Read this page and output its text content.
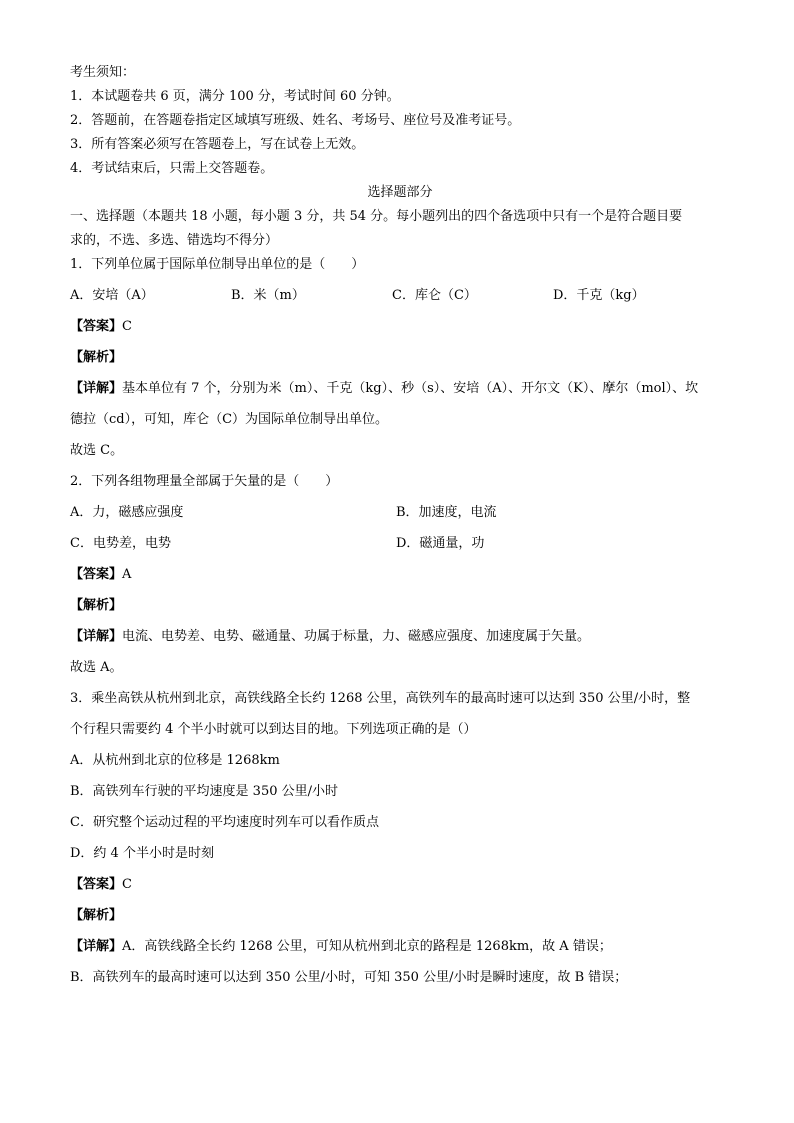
考生须知：
1．本试题卷共 6 页，满分 100 分，考试时间 60 分钟。
2．答题前，在答题卷指定区域填写班级、姓名、考场号、座位号及准考证号。
3．所有答案必须写在答题卷上，写在试卷上无效。
4．考试结束后，只需上交答题卷。
选择题部分
一、选择题（本题共 18 小题，每小题 3 分，共 54 分。每小题列出的四个备选项中只有一个是符合题目要
求的，不选、多选、错选均不得分）
1．下列单位属于国际单位制导出单位的是（　　）
A．安培（A）	B．米（m）	C．库仑（C）	D．千克（kg）
【答案】C
【解析】
【详解】基本单位有 7 个，分别为米（m）、千克（kg）、秒（s）、安培（A）、开尔文（K）、摩尔（mol）、坎
德拉（cd），可知，库仑（C）为国际单位制导出单位。
故选 C。
2．下列各组物理量全部属于矢量的是（　　）
A．力，磁感应强度	B．加速度，电流
C．电势差，电势	D．磁通量，功
【答案】A
【解析】
【详解】电流、电势差、电势、磁通量、功属于标量，力、磁感应强度、加速度属于矢量。
故选 A。
3．乘坐高铁从杭州到北京，高铁线路全长约 1268 公里，高铁列车的最高时速可以达到 350 公里/小时，整
个行程只需要约 4 个半小时就可以到达目的地。下列选项正确的是（）
A．从杭州到北京的位移是 1268km
B．高铁列车行驶的平均速度是 350 公里/小时
C．研究整个运动过程的平均速度时列车可以看作质点
D．约 4 个半小时是时刻
【答案】C
【解析】
【详解】A．高铁线路全长约 1268 公里，可知从杭州到北京的路程是 1268km，故 A 错误；
B．高铁列车的最高时速可以达到 350 公里/小时，可知 350 公里/小时是瞬时速度，故 B 错误；
